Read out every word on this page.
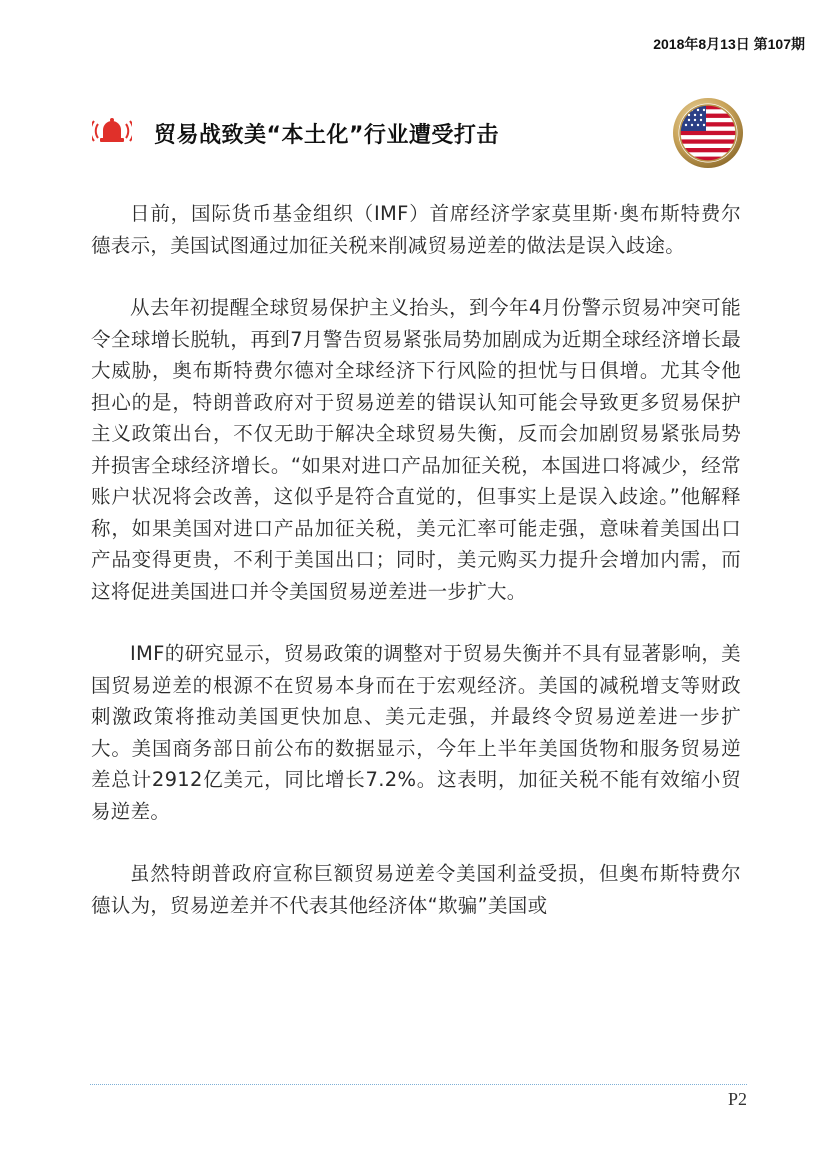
2018年8月13日 第107期
贸易战致美“本土化”行业遭受打击

日前，国际货币基金组织（IMF）首席经济学家莫里斯·奥布斯特费尔德表示，美国试图通过加征关税来削减贸易逆差的做法是误入歧途。

从去年初提醒全球贸易保护主义抬头，到今年4月份警示贸易冲突可能令全球增长脱轨，再到7月警告贸易紧张局势加剧成为近期全球经济增长最大威胁，奥布斯特费尔德对全球经济下行风险的担忧与日俱增。尤其令他担心的是，特朗普政府对于贸易逆差的错误认知可能会导致更多贸易保护主义政策出台，不仅无助于解决全球贸易失衡，反而会加剧贸易紧张局势并损害全球经济增长。“如果对进口产品加征关税，本国进口将减少，经常账户状况将会改善，这似乎是符合直觉的，但事实上是误入歧途。”他解释称，如果美国对进口产品加征关税，美元汇率可能走强，意味着美国出口产品变得更贵，不利于美国出口；同时，美元购买力提升会增加内需，而这将促进美国进口并令美国贸易逆差进一步扩大。

IMF的研究显示，贸易政策的调整对于贸易失衡并不具有显著影响，美国贸易逆差的根源不在贸易本身而在于宏观经济。美国的减税增支等财政刺激政策将推动美国更快加息、美元走强，并最终令贸易逆差进一步扩大。美国商务部日前公布的数据显示，今年上半年美国货物和服务贸易逆差总计2912亿美元，同比增长7.2%。这表明，加征关税不能有效缩小贸易逆差。

虽然特朗普政府宣称巨额贸易逆差令美国利益受损，但奥布斯特费尔德认为，贸易逆差并不代表其他经济体“欺骗”美国或

P2
